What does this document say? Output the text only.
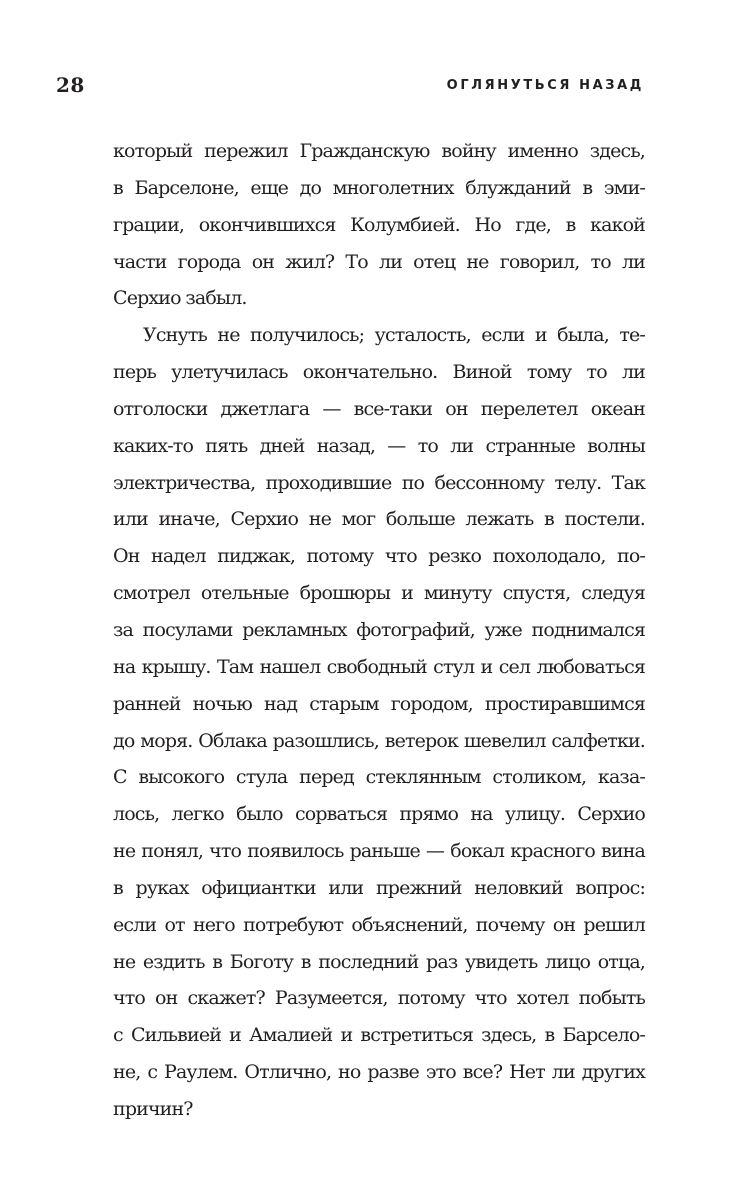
28	ОГЛЯНУТЬСЯ НАЗАД
который пережил Гражданскую войну именно здесь,
в Барселоне, еще до многолетних блужданий в эми-
грации, окончившихся Колумбией. Но где, в какой
части города он жил? То ли отец не говорил, то ли
Серхио забыл.
Уснуть не получилось; усталость, если и была, те-
перь улетучилась окончательно. Виной тому то ли
отголоски джетлага — все-таки он перелетел океан
каких-то пять дней назад, — то ли странные волны
электричества, проходившие по бессонному телу. Так
или иначе, Серхио не мог больше лежать в постели.
Он надел пиджак, потому что резко похолодало, по-
смотрел отельные брошюры и минуту спустя, следуя
за посулами рекламных фотографий, уже поднимался
на крышу. Там нашел свободный стул и сел любоваться
ранней ночью над старым городом, простиравшимся
до моря. Облака разошлись, ветерок шевелил салфетки.
С высокого стула перед стеклянным столиком, каза-
лось, легко было сорваться прямо на улицу. Серхио
не понял, что появилось раньше — бокал красного вина
в руках официантки или прежний неловкий вопрос:
если от него потребуют объяснений, почему он решил
не ездить в Боготу в последний раз увидеть лицо отца,
что он скажет? Разумеется, потому что хотел побыть
с Сильвией и Амалией и встретиться здесь, в Барсело-
не, с Раулем. Отлично, но разве это все? Нет ли других
причин?
